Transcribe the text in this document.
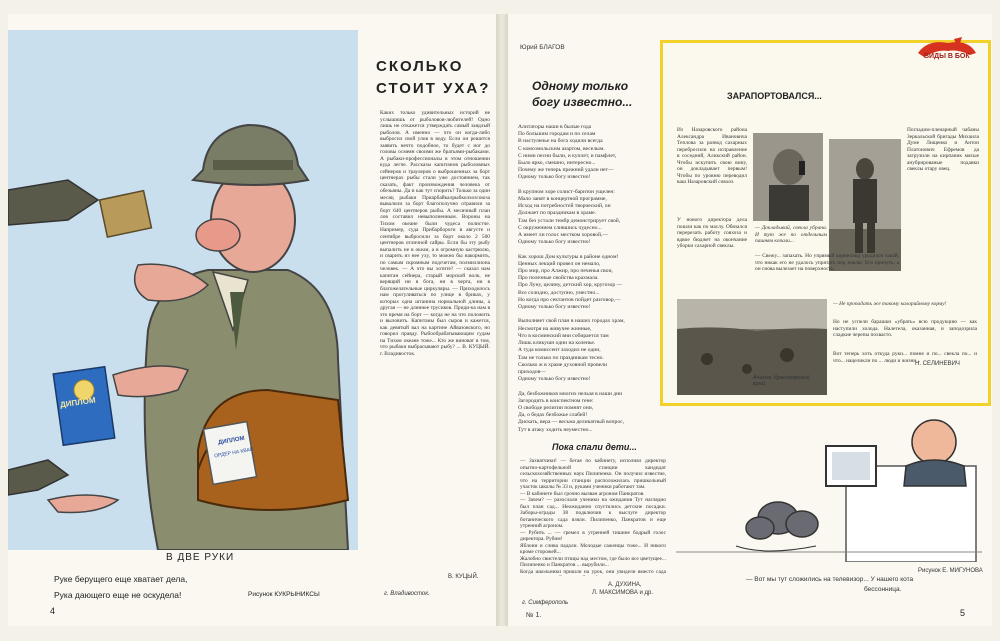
ДИПЛОМ
ДИПЛОМ
ОРДЕР НА КВАР.
В ДВЕ РУКИ
Руке берущего еще хватает дела,
Рука дающего еще не оскудела!	Рисунок КУКРЫНИКСЫ
4
СКОЛЬКО
СТОИТ УХА?
Каких только удивительных историй не услышишь от рыболовов-любителей! Одно лишь не откажется утверждать самый заядлый рыболов. А именно — что он когда-либо выбросил свой улов в воду. Если он решится заявить нечто подобное, то будет с ног до головы осмеян своими же братьями-рыбаками. А рыбаки-профессионалы в этом отношении куда легче. Рассказы капитанов рыболовных сейнеров и траулеров о выброшенных за борт центнерах рыбы стали уже достоянием, так сказать, факт произвождения человека от обезьяны. Да и как тут спорить? Только за один месяц рыбаки Приарбайкалрыбколхозсоюза вывалили за борт благополучно отравили за борт 640 центнеров рыбы. А месячный план лов составил невыполненным. Вороны на Тихом океане были чудеса полистче. Например, суда Прибарбороги в августе и сентябре выбросили за борт около 2 500 центнеров отличной сайры. Если бы эту рыбу выпалить не в океан, а в огромную кастрюлю, и сварить из нее уху, то можно бы накормить, по самым скромным подсчетам, полмиллиона человек. — А что вы хотите? — сказал нам капитан сейнера, старый морской волк, не верящий ни в бога, ни в черта, ни в благожелательные циркуляры. — Приходилось нам прогуливаться по улице в бриках, у которых одна штанина нормальной длины, а другая — не длиннее трусиков. Приди-ка нам в это время на борт — когда не на что положить и выловить. Капитаны был сыров и кажется, как девятый вал на картине Айвазовского, но говорил правду. Рыбообрабатывающим судам на Тихом океане тоже... Кто же виноват в том, что рыбаки выбрасывают рыбу? ... В. КУЦЫЙ. г. Владивосток.
В. КУЦЫЙ.
г. Владивосток.
Юрий БЛАГОВ
Одному только богу известно...
Алитаторы наши в былые года
По большим городам и по селам
В настуленье на бога ходили всегда
С комсомольским азартом, веселым.
С ними песни были, и куплет, и памфлет,
Было ярко, смешно, интересно...
Почему же теперь прежний удали нет—
Одному только богу известно!

В крупном хоре солист-баритон ущелен:
Мало занят в концертной программе,
Исход на потребностей творческий, он
Должает по праздникам в храме.
Там без устали тембр демонстрирует свой,
С окружением слившись чудесно...
А имеет ли голос местком хоровой,—
Одному только богу известно!

Как хорош Дом культуры в районе одном!
Ценных лекций провел он немало,
Про мир, про Алжир, про печенья свои,
Про полезные свойства крахмала.
Про Луну, целину, детский хор, кругозор —
Все солидно, доступно, уместно...
Но когда про сектантов пойдет разговор,—
Одному только богу известно!

Выполняет свой план в наших городах храм,
Несмотря на живучее жинные,
Что в косминский вни собирается там
Лишь кликушн одни на коленье.
А туда комиссент заходил не один,
Там не только по праздникам тесно.
Сколько ж в храме духовной провели
приходов—
Одному только богу известно!

Да, безбожников многих нельзя в наши дни
Загородить в конспектном гене:
О свободе религии помнят они,
Да, о бедах безбожье слабей!
Дискать, вера — весьма деликатный вопрос,
Тут в атаку ходить неуместно...

ВИДЫ В БОК
ЗАРАПОРТОВАЛСЯ...
Из Назаровского района Александра Ивановича Теплова за развод сахарных перебросили на исправление в соседний, Аликский район. Чтобы искупить свою вину, он докладывает первым! Чтобы по уровню переводил ваш Назаровский совхоз.
У нового директора дела пошли как по маслу. Обязался перерезать работу совхоза и вдвое бюджет на окончание уборки сахарной свеклы.
Погладим-пленарный чабаны Зеркальской бригады Михаила Думе Лищенко и Антон Платонович Ефремов да загрузили на кирпаник мясые анубрированые подавки свеклы отару овец.
— Докладывай, свекла убрана. И тут же по отдельным пашням копали...
— Свежу... запахать. Но упрямый корнеплод уродился такой, что никак его не удалось упрятать под землю. Его причуть, а он снова вылезает на поверхность.
— Не пропадать же такому калорийному корму!
Но не успели барашки «убрать» всю продукцию — как наступили холода. Налетела, оказанная, и заподозрила сладкие черепы похвасто.
Вот теперь хоть откуда руки... помне и по... свекла по... и что... нацеликли по ... люди и жизни...
Н. СЕЛИНЕВИЧ
Ачинск, Красноярский край.
Пока спали дети...
— Захватчики! — бегая по кабинету, исполнял директор опытно-картофельной станции кандидат сельскохозяйственных наук Пилипенко. Он получил известие, что на территории станции расположилась пришкольный участок школы № 33 и, руками ученики работают там.
— В кабинете был срочно вызван агроном Панкратов.
— Зачем? — разослали ученики на ожидания Тут наглядно был план сад... Неожиданно спустились детские посадки. Заборы-ограды 38 подключив к выслуге директор ботанического сада взяли. Пилипенко, Панкратов и еще утренний агроном.
— Рубить ... — гремел в утренней тишине бодрый голос директора. Рубим!
Яблони и слива падали. Молодые саженцы тоже... И никого кроме сторожей...
Жалобно свистели птицы над местом, где было все цветущее... Пилипенко и Панкратов ... вырубили...
Когда школьники пришли на урок, они увидели вместо сада
А. ДУХИНА,
Л. МАКСИМОВА и др.
г. Симферополь
— Вот мы тут сложились на телевизор... У нашего кота
бессонница.
Рисунок Е. МИГУНОВА
№ 1.	5
